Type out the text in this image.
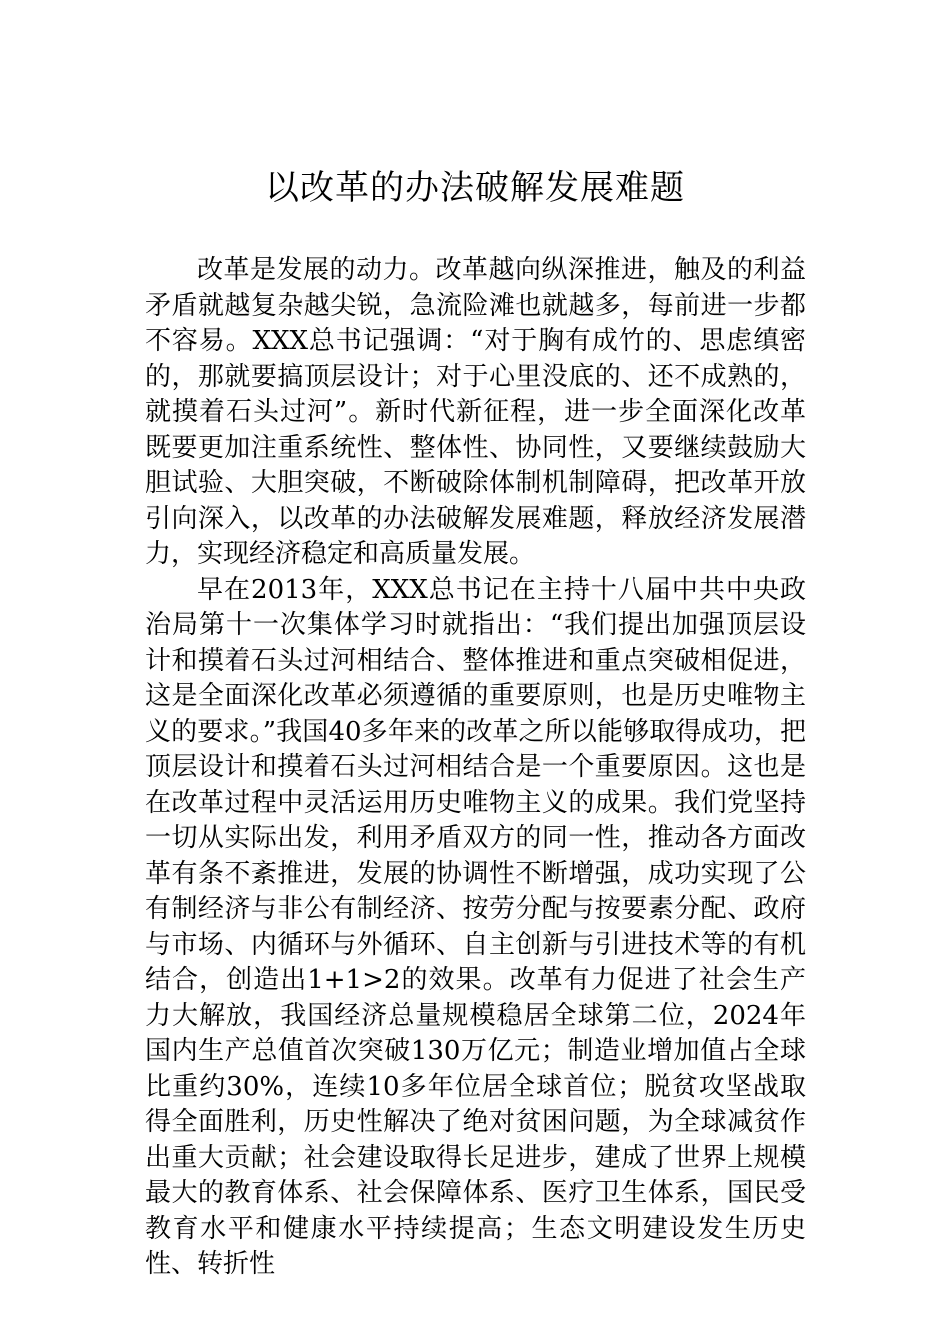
以改革的办法破解发展难题

改革是发展的动力。改革越向纵深推进，触及的利益矛盾就越复杂越尖锐，急流险滩也就越多，每前进一步都不容易。XXX总书记强调：“对于胸有成竹的、思虑缜密的，那就要搞顶层设计；对于心里没底的、还不成熟的，就摸着石头过河”。新时代新征程，进一步全面深化改革既要更加注重系统性、整体性、协同性，又要继续鼓励大胆试验、大胆突破，不断破除体制机制障碍，把改革开放引向深入，以改革的办法破解发展难题，释放经济发展潜力，实现经济稳定和高质量发展。

早在2013年，XXX总书记在主持十八届中共中央政治局第十一次集体学习时就指出：“我们提出加强顶层设计和摸着石头过河相结合、整体推进和重点突破相促进，这是全面深化改革必须遵循的重要原则，也是历史唯物主义的要求。”我国40多年来的改革之所以能够取得成功，把顶层设计和摸着石头过河相结合是一个重要原因。这也是在改革过程中灵活运用历史唯物主义的成果。我们党坚持一切从实际出发，利用矛盾双方的同一性，推动各方面改革有条不紊推进，发展的协调性不断增强，成功实现了公有制经济与非公有制经济、按劳分配与按要素分配、政府与市场、内循环与外循环、自主创新与引进技术等的有机结合，创造出1+1>2的效果。改革有力促进了社会生产力大解放，我国经济总量规模稳居全球第二位，2024年国内生产总值首次突破130万亿元；制造业增加值占全球比重约30%，连续10多年位居全球首位；脱贫攻坚战取得全面胜利，历史性解决了绝对贫困问题，为全球减贫作出重大贡献；社会建设取得长足进步，建成了世界上规模最大的教育体系、社会保障体系、医疗卫生体系，国民受教育水平和健康水平持续提高；生态文明建设发生历史性、转折性
